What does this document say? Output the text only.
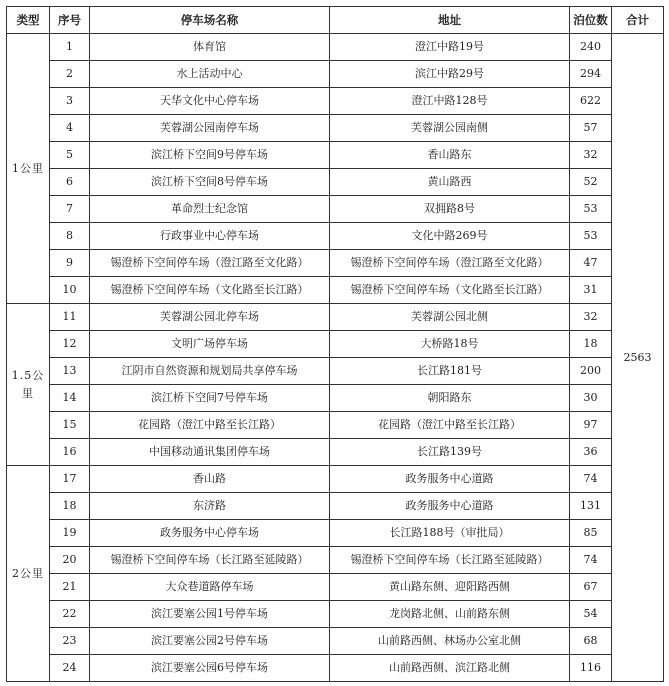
类型	序号	停车场名称	地址	泊位数	合计
1公里	1	体育馆	澄江中路19号	240	2563
	2	水上活动中心	滨江中路29号	294	
	3	天华文化中心停车场	澄江中路128号	622	
	4	芙蓉湖公园南停车场	芙蓉湖公园南侧	57	
	5	滨江桥下空间9号停车场	香山路东	32	
	6	滨江桥下空间8号停车场	黄山路西	52	
	7	革命烈士纪念馆	双拥路8号	53	
	8	行政事业中心停车场	文化中路269号	53	
	9	锡澄桥下空间停车场（澄江路至文化路）	锡澄桥下空间停车场（澄江路至文化路）	47	
	10	锡澄桥下空间停车场（文化路至长江路）	锡澄桥下空间停车场（文化路至长江路）	31	
1.5公里	11	芙蓉湖公园北停车场	芙蓉湖公园北侧	32	
	12	文明广场停车场	大桥路18号	18	
	13	江阴市自然资源和规划局共享停车场	长江路181号	200	
	14	滨江桥下空间7号停车场	朝阳路东	30	
	15	花园路（澄江中路至长江路）	花园路（澄江中路至长江路）	97	
	16	中国移动通讯集团停车场	长江路139号	36	
2公里	17	香山路	政务服务中心道路	74	
	18	东济路	政务服务中心道路	131	
	19	政务服务中心停车场	长江路188号（审批局）	85	
	20	锡澄桥下空间停车场（长江路至延陵路）	锡澄桥下空间停车场（长江路至延陵路）	74	
	21	大众巷道路停车场	黄山路东侧、迎阳路西侧	67	
	22	滨江要塞公园1号停车场	龙岗路北侧、山前路东侧	54	
	23	滨江要塞公园2号停车场	山前路西侧、林场办公室北侧	68	
	24	滨江要塞公园6号停车场	山前路西侧、滨江路北侧	116	
